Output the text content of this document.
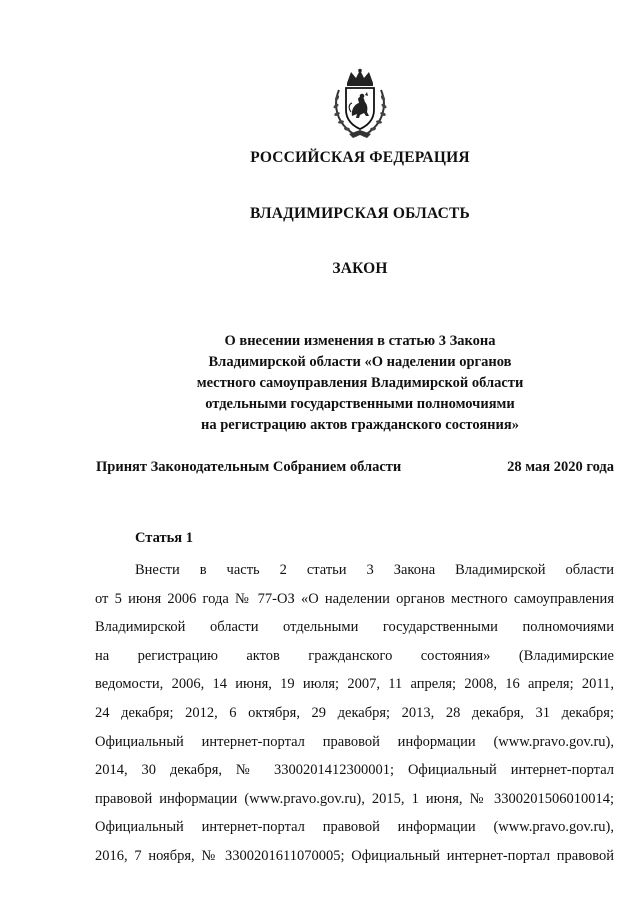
РОССИЙСКАЯ ФЕДЕРАЦИЯ
ВЛАДИМИРСКАЯ ОБЛАСТЬ
ЗАКОН
О внесении изменения в статью 3 Закона
Владимирской области «О наделении органов
местного самоуправления Владимирской области
отдельными государственными полномочиями
на регистрацию актов гражданского состояния»
Принят Законодательным Собранием области	28 мая 2020 года
Статья 1
Внести в часть 2 статьи 3 Закона Владимирской области
от 5 июня 2006 года № 77-ОЗ «О наделении органов местного самоуправления
Владимирской области отдельными государственными полномочиями
на регистрацию актов гражданского состояния» (Владимирские
ведомости, 2006, 14 июня, 19 июля; 2007, 11 апреля; 2008, 16 апреля; 2011,
24 декабря; 2012, 6 октября, 29 декабря; 2013, 28 декабря, 31 декабря;
Официальный интернет-портал правовой информации (www.pravo.gov.ru),
2014, 30 декабря, № 3300201412300001; Официальный интернет-портал
правовой информации (www.pravo.gov.ru), 2015, 1 июня, № 3300201506010014;
Официальный интернет-портал правовой информации (www.pravo.gov.ru),
2016, 7 ноября, № 3300201611070005; Официальный интернет-портал правовой
